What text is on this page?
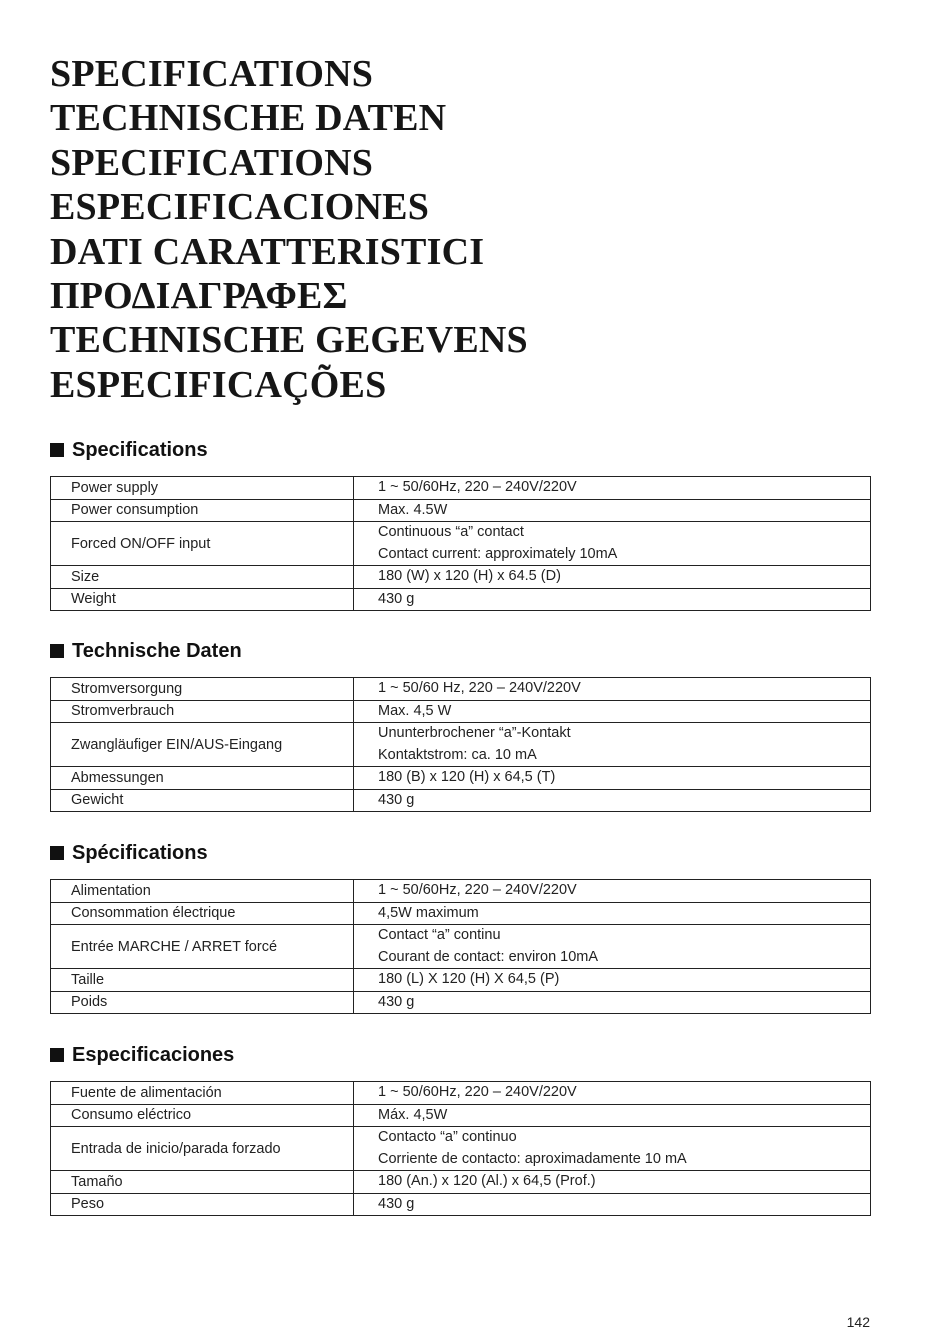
SPECIFICATIONS
TECHNISCHE DATEN
SPECIFICATIONS
ESPECIFICACIONES
DATI CARATTERISTICI
ΠΡΟΔΙΑΓΡΑΦΕΣ
TECHNISCHE GEGEVENS
ESPECIFICAÇÕES
Specifications
Power supply	1 ~ 50/60Hz, 220 – 240V/220V

Power consumption	Max. 4.5W

Forced ON/OFF input	Continuous “a” contact
Contact current: approximately 10mA

Size	180 (W) x 120 (H) x 64.5 (D)

Weight	430 g
Technische Daten
Stromversorgung	1 ~ 50/60 Hz, 220 – 240V/220V

Stromverbrauch	Max. 4,5 W

Zwangläufiger EIN/AUS-Eingang	Ununterbrochener “a”-Kontakt
Kontaktstrom: ca. 10 mA

Abmessungen	180 (B) x 120 (H) x 64,5 (T)

Gewicht	430 g
Spécifications
Alimentation	1 ~ 50/60Hz, 220 – 240V/220V

Consommation électrique	4,5W maximum

Entrée MARCHE / ARRET forcé	Contact “a” continu
Courant de contact: environ 10mA

Taille	180 (L) X 120 (H) X 64,5 (P)

Poids	430 g
Especificaciones
Fuente de alimentación	1 ~ 50/60Hz, 220 – 240V/220V

Consumo eléctrico	Máx. 4,5W

Entrada de inicio/parada forzado	Contacto “a” continuo
Corriente de contacto: aproximadamente 10 mA

Tamaño	180 (An.) x 120 (Al.) x 64,5 (Prof.)

Peso	430 g
142
